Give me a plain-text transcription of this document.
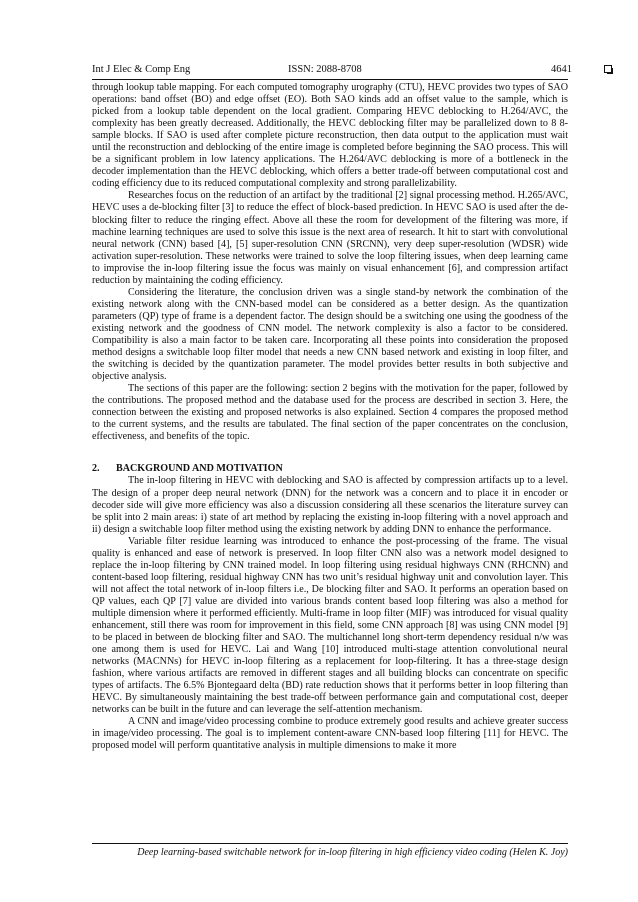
Int J Elec & Comp Eng	ISSN: 2088-8708	4641

through lookup table mapping. For each computed tomography urography (CTU), HEVC provides two types of SAO operations: band offset (BO) and edge offset (EO). Both SAO kinds add an offset value to the sample, which is picked from a lookup table dependent on the local gradient. Comparing HEVC deblocking to H.264/AVC, the complexity has been greatly decreased. Additionally, the HEVC deblocking filter may be parallelized down to 8 8-sample blocks. If SAO is used after complete picture reconstruction, then data output to the application must wait until the reconstruction and deblocking of the entire image is completed before beginning the SAO process. This will be a significant problem in low latency applications. The H.264/AVC deblocking is more of a bottleneck in the decoder implementation than the HEVC deblocking, which offers a better trade-off between computational cost and coding efficiency due to its reduced computational complexity and strong parallelizability.

Researches focus on the reduction of an artifact by the traditional [2] signal processing method. H.265/AVC, HEVC uses a de-blocking filter [3] to reduce the effect of block-based prediction. In HEVC SAO is used after the de-blocking filter to reduce the ringing effect. Above all these the room for development of the filtering was more, if machine learning techniques are used to solve this issue is the next area of research. It hit to start with convolutional neural network (CNN) based [4], [5] super-resolution CNN (SRCNN), very deep super-resolution (WDSR) wide activation super-resolution. These networks were trained to solve the loop filtering issues, when deep learning came to improvise the in-loop filtering issue the focus was mainly on visual enhancement [6], and compression artifact reduction by maintaining the coding efficiency.

Considering the literature, the conclusion driven was a single stand-by network the combination of the existing network along with the CNN-based model can be considered as a better design. As the quantization parameters (QP) type of frame is a dependent factor. The design should be a switching one using the goodness of the existing network and the goodness of CNN model. The network complexity is also a factor to be considered. Compatibility is also a main factor to be taken care. Incorporating all these points into consideration the proposed method designs a switchable loop filter model that needs a new CNN based network and existing in loop filter, and the switching is decided by the quantization parameter. The model provides better results in both subjective and objective analysis.

The sections of this paper are the following: section 2 begins with the motivation for the paper, followed by the contributions. The proposed method and the database used for the process are described in section 3. Here, the connection between the existing and proposed networks is also explained. Section 4 compares the proposed method to the current systems, and the results are tabulated. The final section of the paper concentrates on the conclusion, effectiveness, and benefits of the topic.

2. BACKGROUND AND MOTIVATION

The in-loop filtering in HEVC with deblocking and SAO is affected by compression artifacts up to a level. The design of a proper deep neural network (DNN) for the network was a concern and to place it in encoder or decoder side will give more efficiency was also a discussion considering all these scenarios the literature survey can be split into 2 main areas: i) state of art method by replacing the existing in-loop filtering with a novel approach and ii) design a switchable loop filter method using the existing network by adding DNN to enhance the performance.

Variable filter residue learning was introduced to enhance the post-processing of the frame. The visual quality is enhanced and ease of network is preserved. In loop filter CNN also was a network model designed to replace the in-loop filtering by CNN trained model. In loop filtering using residual highways CNN (RHCNN) and content-based loop filtering, residual highway CNN has two unit’s residual highway unit and convolution layer. This will not affect the total network of in-loop filters i.e., De blocking filter and SAO. It performs an operation based on QP values, each QP [7] value are divided into various brands content based loop filtering was also a method for multiple dimension where it performed efficiently. Multi-frame in loop filter (MIF) was introduced for visual quality enhancement, still there was room for improvement in this field, some CNN approach [8] was using CNN model [9] to be placed in between de blocking filter and SAO. The multichannel long short-term dependency residual n/w was one among them is used for HEVC. Lai and Wang [10] introduced multi-stage attention convolutional neural networks (MACNNs) for HEVC in-loop filtering as a replacement for loop-filtering. It has a three-stage design fashion, where various artifacts are removed in different stages and all building blocks can concentrate on specific types of artifacts. The 6.5% Bjontegaard delta (BD) rate reduction shows that it performs better in loop filtering than HEVC. By simultaneously maintaining the best trade-off between performance gain and computational cost, deeper networks can be built in the future and can leverage the self-attention mechanism.

A CNN and image/video processing combine to produce extremely good results and achieve greater success in image/video processing. The goal is to implement content-aware CNN-based loop filtering [11] for HEVC. The proposed model will perform quantitative analysis in multiple dimensions to make it more

Deep learning-based switchable network for in-loop filtering in high efficiency video coding (Helen K. Joy)
